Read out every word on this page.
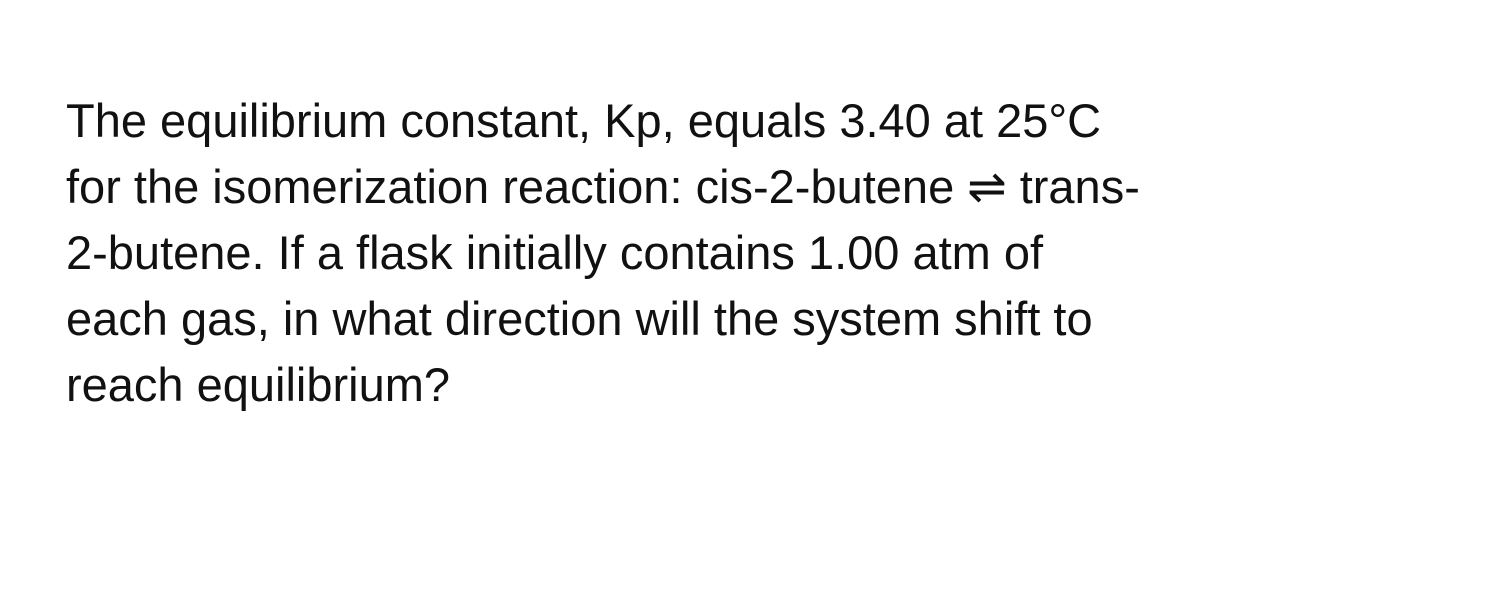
The equilibrium constant, Kp, equals 3.40 at 25°C
for the isomerization reaction: cis-2-butene ⇌ trans-
2-butene. If a flask initially contains 1.00 atm of
each gas, in what direction will the system shift to
reach equilibrium?
